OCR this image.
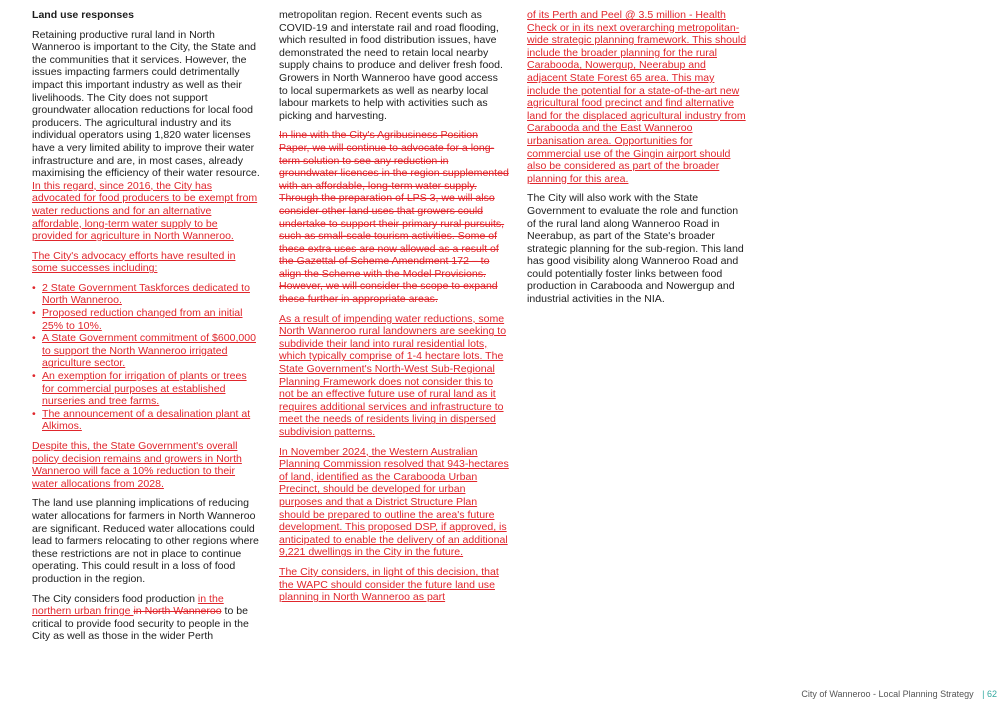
Land use responses

Retaining productive rural land in North Wanneroo is important to the City, the State and the communities that it services. However, the issues impacting farmers could detrimentally impact this important industry as well as their livelihoods. The City does not support groundwater allocation reductions for local food producers. The agricultural industry and its individual operators using 1,820 water licenses have a very limited ability to improve their water infrastructure and are, in most cases, already maximising the efficiency of their water resource. In this regard, since 2016, the City has advocated for food producers to be exempt from water reductions and for an alternative affordable, long-term water supply to be provided for agriculture in North Wanneroo.

The City's advocacy efforts have resulted in some successes including:

• 2 State Government Taskforces dedicated to North Wanneroo.
• Proposed reduction changed from an initial 25% to 10%.
• A State Government commitment of $600,000 to support the North Wanneroo irrigated agriculture sector.
• An exemption for irrigation of plants or trees for commercial purposes at established nurseries and tree farms.
• The announcement of a desalination plant at Alkimos.

Despite this, the State Government's overall policy decision remains and growers in North Wanneroo will face a 10% reduction to their water allocations from 2028.

The land use planning implications of reducing water allocations for farmers in North Wanneroo are significant. Reduced water allocations could lead to farmers relocating to other regions where these restrictions are not in place to continue operating. This could result in a loss of food production in the region.

The City considers food production in the northern urban fringe in North Wanneroo to be critical to provide food security to people in the City as well as those in the wider Perth

metropolitan region. Recent events such as COVID-19 and interstate rail and road flooding, which resulted in food distribution issues, have demonstrated the need to retain local nearby supply chains to produce and deliver fresh food. Growers in North Wanneroo have good access to local supermarkets as well as nearby local labour markets to help with activities such as picking and harvesting.

In line with the City's Agribusiness Position Paper, we will continue to advocate for a long-term solution to see any reduction in groundwater licences in the region supplemented with an affordable, long-term water supply. Through the preparation of LPS 3, we will also consider other land uses that growers could undertake to support their primary rural pursuits, such as small-scale tourism activities. Some of these extra uses are now allowed as a result of the Gazettal of Scheme Amendment 172 – to align the Scheme with the Model Provisions. However, we will consider the scope to expand these further in appropriate areas.

As a result of impending water reductions, some North Wanneroo rural landowners are seeking to subdivide their land into rural residential lots, which typically comprise of 1-4 hectare lots. The State Government's North-West Sub-Regional Planning Framework does not consider this to not be an effective future use of rural land as it requires additional services and infrastructure to meet the needs of residents living in dispersed subdivision patterns.

In November 2024, the Western Australian Planning Commission resolved that 943-hectares of land, identified as the Carabooda Urban Precinct, should be developed for urban purposes and that a District Structure Plan should be prepared to outline the area's future development. This proposed DSP, if approved, is anticipated to enable the delivery of an additional 9,221 dwellings in the City in the future.

The City considers, in light of this decision, that the WAPC should consider the future land use planning in North Wanneroo as part

of its Perth and Peel @ 3.5 million - Health Check or in its next overarching metropolitan-wide strategic planning framework. This should include the broader planning for the rural Carabooda, Nowergup, Neerabup and adjacent State Forest 65 area. This may include the potential for a state-of-the-art new agricultural food precinct and find alternative land for the displaced agricultural industry from Carabooda and the East Wanneroo urbanisation area. Opportunities for commercial use of the Gingin airport should also be considered as part of the broader planning for this area.

The City will also work with the State Government to evaluate the role and function of the rural land along Wanneroo Road in Neerabup, as part of the State's broader strategic planning for the sub-region. This land has good visibility along Wanneroo Road and could potentially foster links between food production in Carabooda and Nowergup and industrial activities in the NIA.

City of Wanneroo - Local Planning Strategy | 62
